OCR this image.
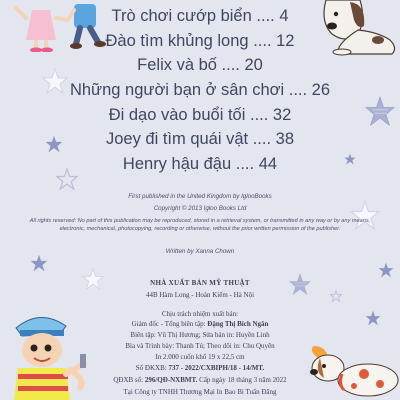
Trò chơi cướp biển .... 4
Đào tìm khủng long .... 12
Felix và bố .... 20
Những người bạn ở sân chơi .... 26
Đi dạo vào buổi tối .... 32
Joey đi tìm quái vật .... 38
Henry hậu đậu .... 44
First published in the United Kingdom by IglooBooks
Copyright © 2013 Igloo Books Ltd
All rights reserved: No part of this publication may be reproduced, stored in a retrieval system, or transmitted in any way or by any means, electronic, mechanical, photocopying, recording or otherwise, without the prior written permission of the publisher.
Written by Xanna Chown
NHÀ XUẤT BẢN MỸ THUẬT
44B Hàm Long - Hoàn Kiếm - Hà Nội
Chịu trách nhiệm xuất bản:
Giám đốc - Tổng biên tập: Đặng Thị Bích Ngân
Biên tập: Vũ Thị Hương; Sửa bản in: Huyền Linh
Bìa và Trình bày: Thanh Tú; Theo dõi in: Chu Quyên
In 2.000 cuốn khổ 19 x 22,5 cm
Số ĐKXB: 737 - 2022/CXBIPH/18 - 14/MT.
QĐXB số: 296/QĐ-NXBMT. Cấp ngày 18 tháng 3 năm 2022
Tại Công ty TNHH Thương Mại In Bao Bì Tuấn Đăng
